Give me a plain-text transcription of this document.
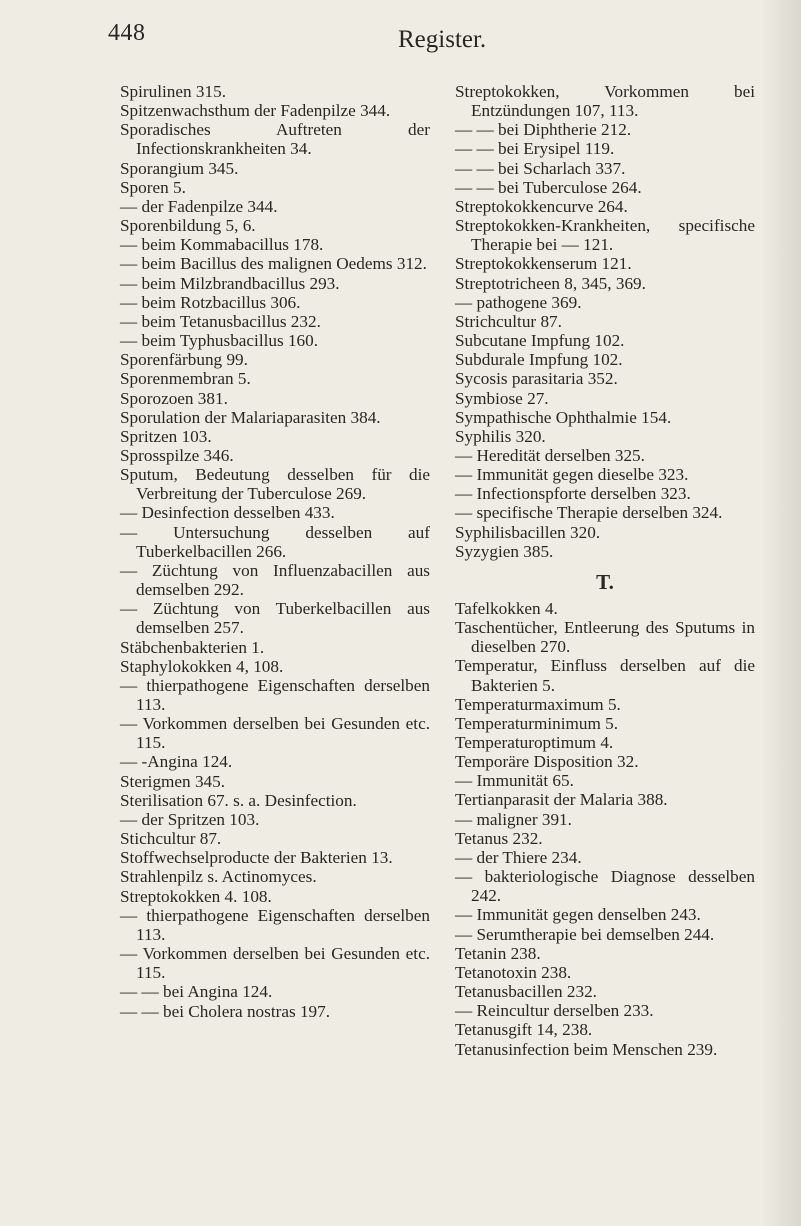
448	Register.
Spirulinen 315.
Spitzenwachsthum der Fadenpilze 344.
Sporadisches Auftreten der Infectionskrankheiten 34.
Sporangium 345.
Sporen 5.
— der Fadenpilze 344.
Sporenbildung 5, 6.
— beim Kommabacillus 178.
— beim Bacillus des malignen Oedems 312.
— beim Milzbrandbacillus 293.
— beim Rotzbacillus 306.
— beim Tetanusbacillus 232.
— beim Typhusbacillus 160.
Sporenfärbung 99.
Sporenmembran 5.
Sporozoen 381.
Sporulation der Malariaparasiten 384.
Spritzen 103.
Sprosspilze 346.
Sputum, Bedeutung desselben für die Verbreitung der Tuberculose 269.
— Desinfection desselben 433.
— Untersuchung desselben auf Tuberkelbacillen 266.
— Züchtung von Influenzabacillen aus demselben 292.
— Züchtung von Tuberkelbacillen aus demselben 257.
Stäbchenbakterien 1.
Staphylokokken 4, 108.
— thierpathogene Eigenschaften derselben 113.
— Vorkommen derselben bei Gesunden etc. 115.
— -Angina 124.
Sterigmen 345.
Sterilisation 67. s. a. Desinfection.
— der Spritzen 103.
Stichcultur 87.
Stoffwechselproducte der Bakterien 13.
Strahlenpilz s. Actinomyces.
Streptokokken 4. 108.
— thierpathogene Eigenschaften derselben 113.
— Vorkommen derselben bei Gesunden etc. 115.
— — bei Angina 124.
— — bei Cholera nostras 197.
Streptokokken, Vorkommen bei Entzündungen 107, 113.
— — bei Diphtherie 212.
— — bei Erysipel 119.
— — bei Scharlach 337.
— — bei Tuberculose 264.
Streptokokkencurve 264.
Streptokokken-Krankheiten, specifische Therapie bei — 121.
Streptokokkenserum 121.
Streptotricheen 8, 345, 369.
— pathogene 369.
Strichcultur 87.
Subcutane Impfung 102.
Subdurale Impfung 102.
Sycosis parasitaria 352.
Symbiose 27.
Sympathische Ophthalmie 154.
Syphilis 320.
— Heredität derselben 325.
— Immunität gegen dieselbe 323.
— Infectionspforte derselben 323.
— specifische Therapie derselben 324.
Syphilisbacillen 320.
Syzygien 385.
T.
Tafelkokken 4.
Taschentücher, Entleerung des Sputums in dieselben 270.
Temperatur, Einfluss derselben auf die Bakterien 5.
Temperaturmaximum 5.
Temperaturminimum 5.
Temperaturoptimum 4.
Temporäre Disposition 32.
— Immunität 65.
Tertianparasit der Malaria 388.
— maligner 391.
Tetanus 232.
— der Thiere 234.
— bakteriologische Diagnose desselben 242.
— Immunität gegen denselben 243.
— Serumtherapie bei demselben 244.
Tetanin 238.
Tetanotoxin 238.
Tetanusbacillen 232.
— Reincultur derselben 233.
Tetanusgift 14, 238.
Tetanusinfection beim Menschen 239.
